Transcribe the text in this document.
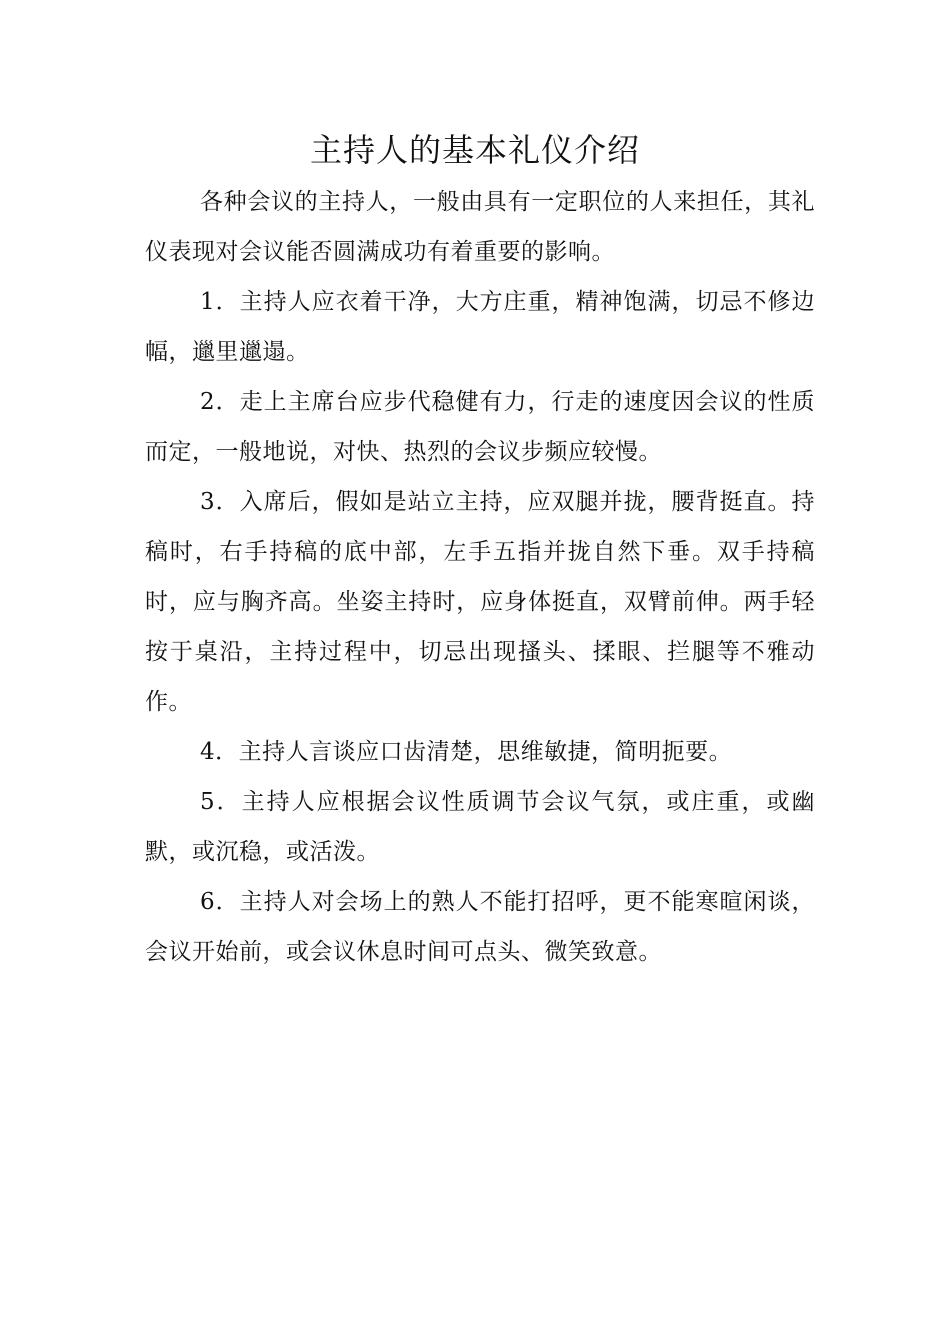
主持人的基本礼仪介绍

各种会议的主持人，一般由具有一定职位的人来担任，其礼仪表现对会议能否圆满成功有着重要的影响。

1．主持人应衣着干净，大方庄重，精神饱满，切忌不修边幅，邋里邋遢。

2．走上主席台应步代稳健有力，行走的速度因会议的性质而定，一般地说，对快、热烈的会议步频应较慢。

3．入席后，假如是站立主持，应双腿并拢，腰背挺直。持稿时，右手持稿的底中部，左手五指并拢自然下垂。双手持稿时，应与胸齐高。坐姿主持时，应身体挺直，双臂前伸。两手轻按于桌沿，主持过程中，切忌出现搔头、揉眼、拦腿等不雅动作。

4．主持人言谈应口齿清楚，思维敏捷，简明扼要。

5．主持人应根据会议性质调节会议气氛，或庄重，或幽默，或沉稳，或活泼。

6．主持人对会场上的熟人不能打招呼，更不能寒暄闲谈，会议开始前，或会议休息时间可点头、微笑致意。
